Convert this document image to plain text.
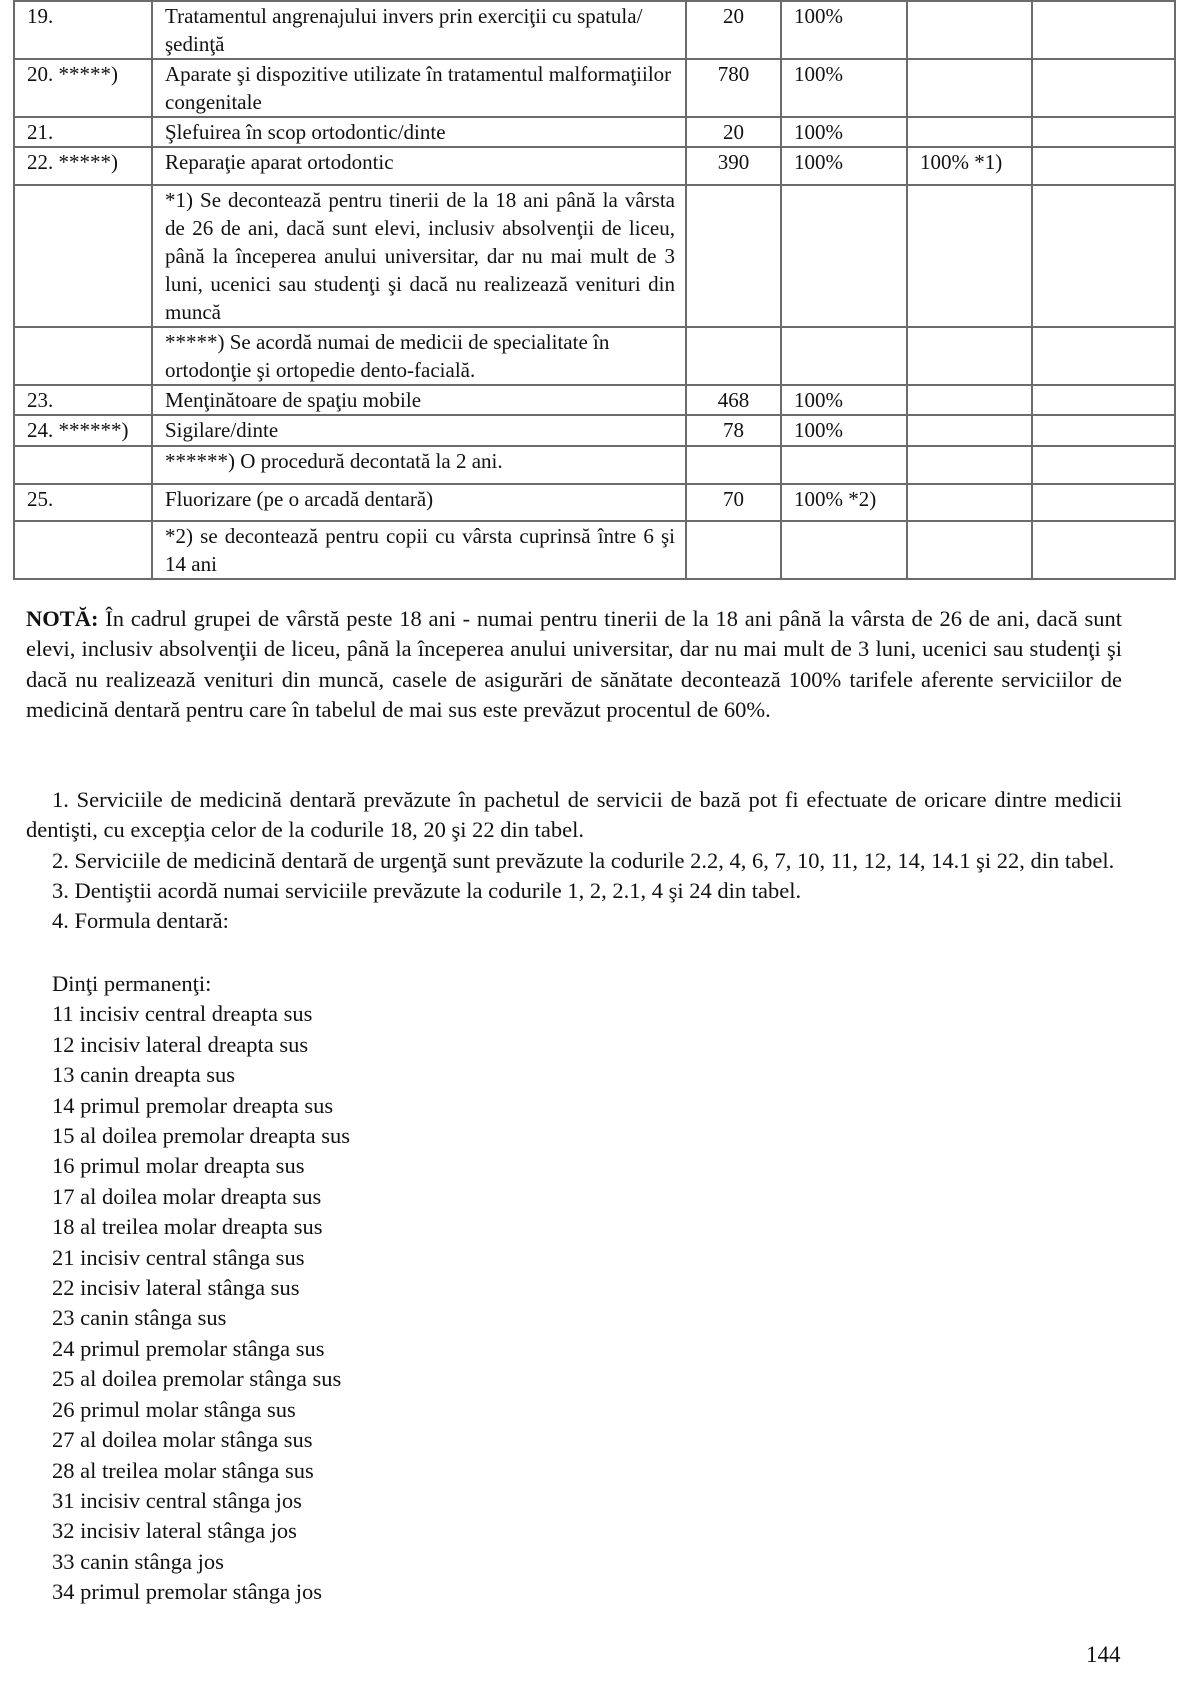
19.	Tratamentul angrenajului invers prin exerciţii cu spatula/şedinţă	20	100%		
20. *****)	Aparate şi dispozitive utilizate în tratamentul malformaţiilor congenitale	780	100%		
21.	Şlefuirea în scop ortodontic/dinte	20	100%		
22. *****)	Reparaţie aparat ortodontic	390	100%	100% *1)	
	*1) Se decontează pentru tinerii de la 18 ani până la vârsta de 26 de ani, dacă sunt elevi, inclusiv absolvenţii de liceu, până la începerea anului universitar, dar nu mai mult de 3 luni, ucenici sau studenţi şi dacă nu realizează venituri din muncă				
	*****) Se acordă numai de medicii de specialitate în ortodonţie şi ortopedie dento-facială.				
23.	Menţinătoare de spaţiu mobile	468	100%		
24. ******)	Sigilare/dinte	78	100%		
	******) O procedură decontată la 2 ani.				
25.	Fluorizare (pe o arcadă dentară)	70	100% *2)		
	*2) se decontează pentru copii cu vârsta cuprinsă între 6 şi 14 ani				

NOTĂ: În cadrul grupei de vârstă peste 18 ani - numai pentru tinerii de la 18 ani până la vârsta de 26 de ani, dacă sunt elevi, inclusiv absolvenţii de liceu, până la începerea anului universitar, dar nu mai mult de 3 luni, ucenici sau studenţi şi dacă nu realizează venituri din muncă, casele de asigurări de sănătate decontează 100% tarifele aferente serviciilor de medicină dentară pentru care în tabelul de mai sus este prevăzut procentul de 60%.

1. Serviciile de medicină dentară prevăzute în pachetul de servicii de bază pot fi efectuate de oricare dintre medicii dentişti, cu excepţia celor de la codurile 18, 20 şi 22 din tabel.

2. Serviciile de medicină dentară de urgenţă sunt prevăzute la codurile 2.2, 4, 6, 7, 10, 11, 12, 14, 14.1 şi 22, din tabel.

3. Dentiştii acordă numai serviciile prevăzute la codurile 1, 2, 2.1, 4 şi 24 din tabel.

4. Formula dentară:

Dinţi permanenţi:
11 incisiv central dreapta sus
12 incisiv lateral dreapta sus
13 canin dreapta sus
14 primul premolar dreapta sus
15 al doilea premolar dreapta sus
16 primul molar dreapta sus
17 al doilea molar dreapta sus
18 al treilea molar dreapta sus
21 incisiv central stânga sus
22 incisiv lateral stânga sus
23 canin stânga sus
24 primul premolar stânga sus
25 al doilea premolar stânga sus
26 primul molar stânga sus
27 al doilea molar stânga sus
28 al treilea molar stânga sus
31 incisiv central stânga jos
32 incisiv lateral stânga jos
33 canin stânga jos
34 primul premolar stânga jos
144
